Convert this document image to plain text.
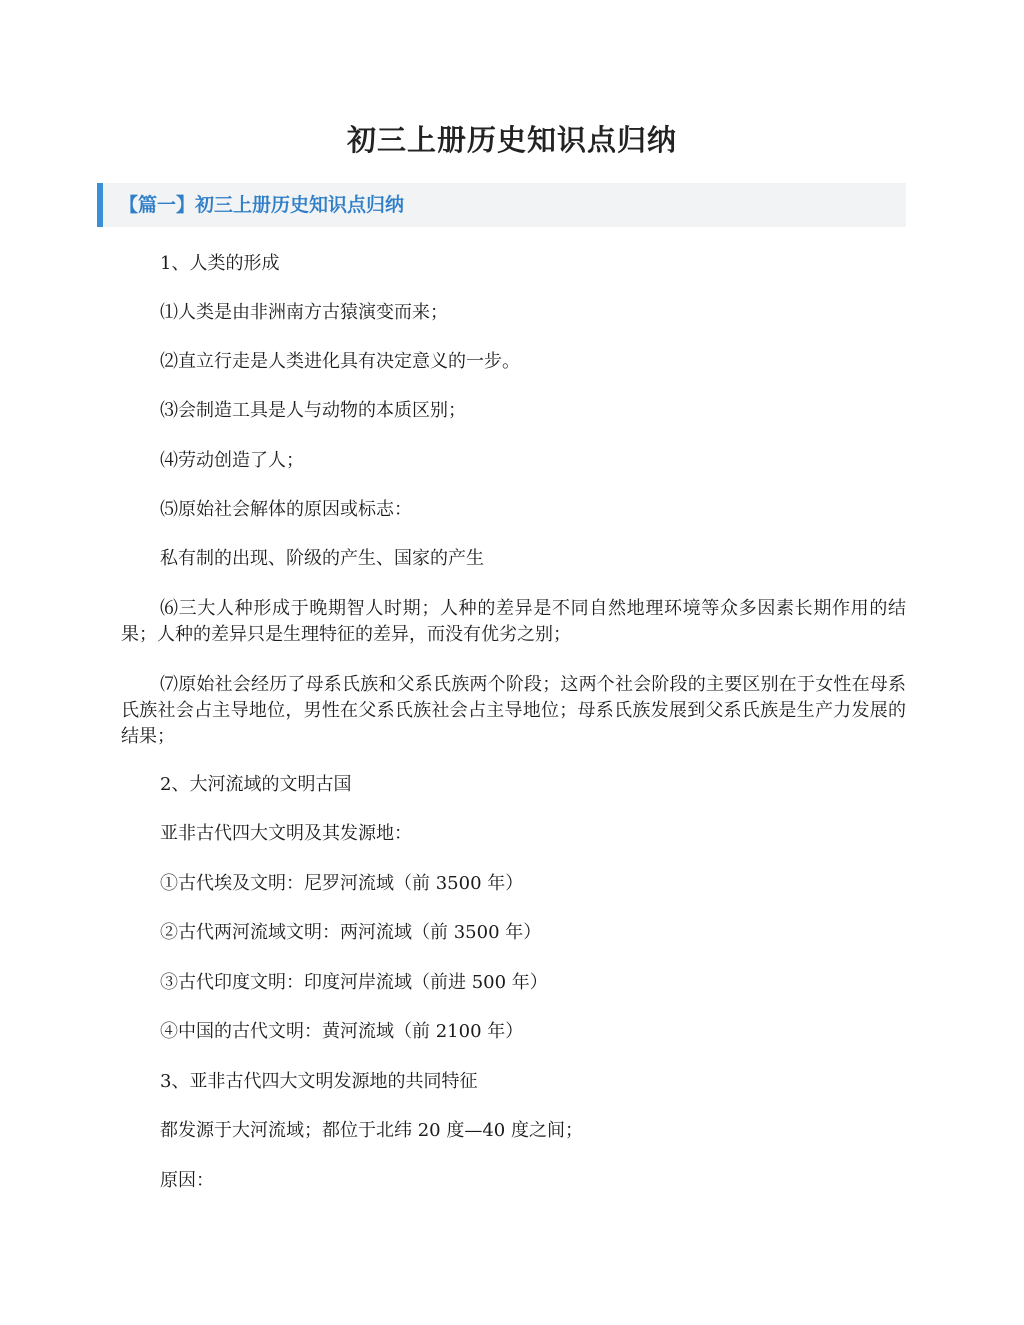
初三上册历史知识点归纳
【篇一】初三上册历史知识点归纳
1、人类的形成
⑴人类是由非洲南方古猿演变而来；
⑵直立行走是人类进化具有决定意义的一步。
⑶会制造工具是人与动物的本质区别；
⑷劳动创造了人；
⑸原始社会解体的原因或标志：
私有制的出现、阶级的产生、国家的产生
⑹三大人种形成于晚期智人时期；人种的差异是不同自然地理环境等众多因素长期作用的结果；人种的差异只是生理特征的差异，而没有优劣之别；
⑺原始社会经历了母系氏族和父系氏族两个阶段；这两个社会阶段的主要区别在于女性在母系氏族社会占主导地位，男性在父系氏族社会占主导地位；母系氏族发展到父系氏族是生产力发展的结果；
2、大河流域的文明古国
亚非古代四大文明及其发源地：
①古代埃及文明：尼罗河流域（前 3500 年）
②古代两河流域文明：两河流域（前 3500 年）
③古代印度文明：印度河岸流域（前进 500 年）
④中国的古代文明：黄河流域（前 2100 年）
3、亚非古代四大文明发源地的共同特征
都发源于大河流域；都位于北纬 20 度—40 度之间；
原因：
